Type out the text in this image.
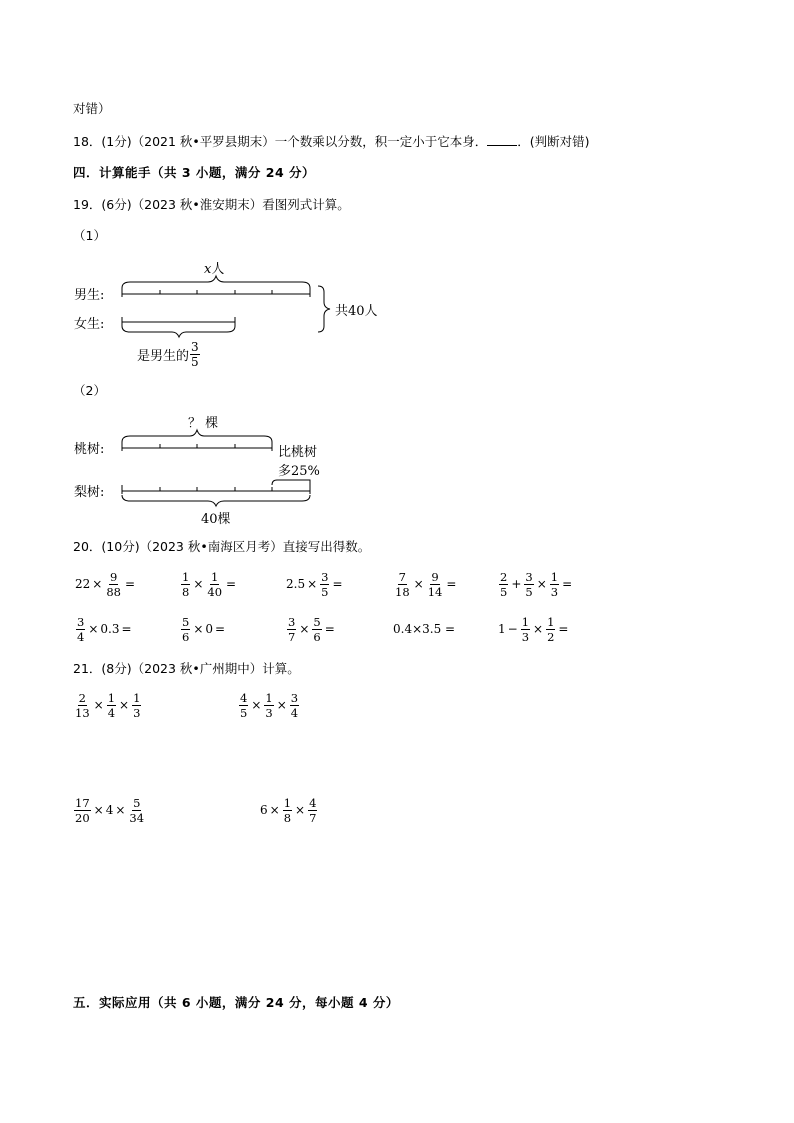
对错）
18．(1分)（2021 秋•平罗县期末）一个数乘以分数，积一定小于它本身． ．(判断对错)
四．计算能手（共 3 小题，满分 24 分）
19．(6分)（2023 秋•淮安期末）看图列式计算。
（1）
x人
男生:
女生:
共40人
是男生的 $\frac{3}{5}$
（2）
？ 棵
桃树:	比桃树
多25%
梨树:
40棵
20．(10分)（2023 秋•南海区月考）直接写出得数。
$22 \times \frac{9}{88}$ =	$\frac{1}{8} \times \frac{1}{40}$ =	$2.5 \times \frac{3}{5}$ =	$\frac{7}{18} \times \frac{9}{14}$ =	$\frac{2}{5} + \frac{3}{5} \times \frac{1}{3}$ =
$\frac{3}{4} \times 0.3$ =	$\frac{5}{6} \times 0$ =	$\frac{3}{7} \times \frac{5}{6}$ =	0.4×3.5 =	$1 - \frac{1}{3} \times \frac{1}{2}$ =
21．(8分)（2023 秋•广州期中）计算。
$\frac{2}{13} \times \frac{1}{4} \times \frac{1}{3}$	$\frac{4}{5} \times \frac{1}{3} \times \frac{3}{4}$
$\frac{17}{20} \times 4 \times \frac{5}{34}$	$6 \times \frac{1}{8} \times \frac{4}{7}$
五．实际应用（共 6 小题，满分 24 分，每小题 4 分）
